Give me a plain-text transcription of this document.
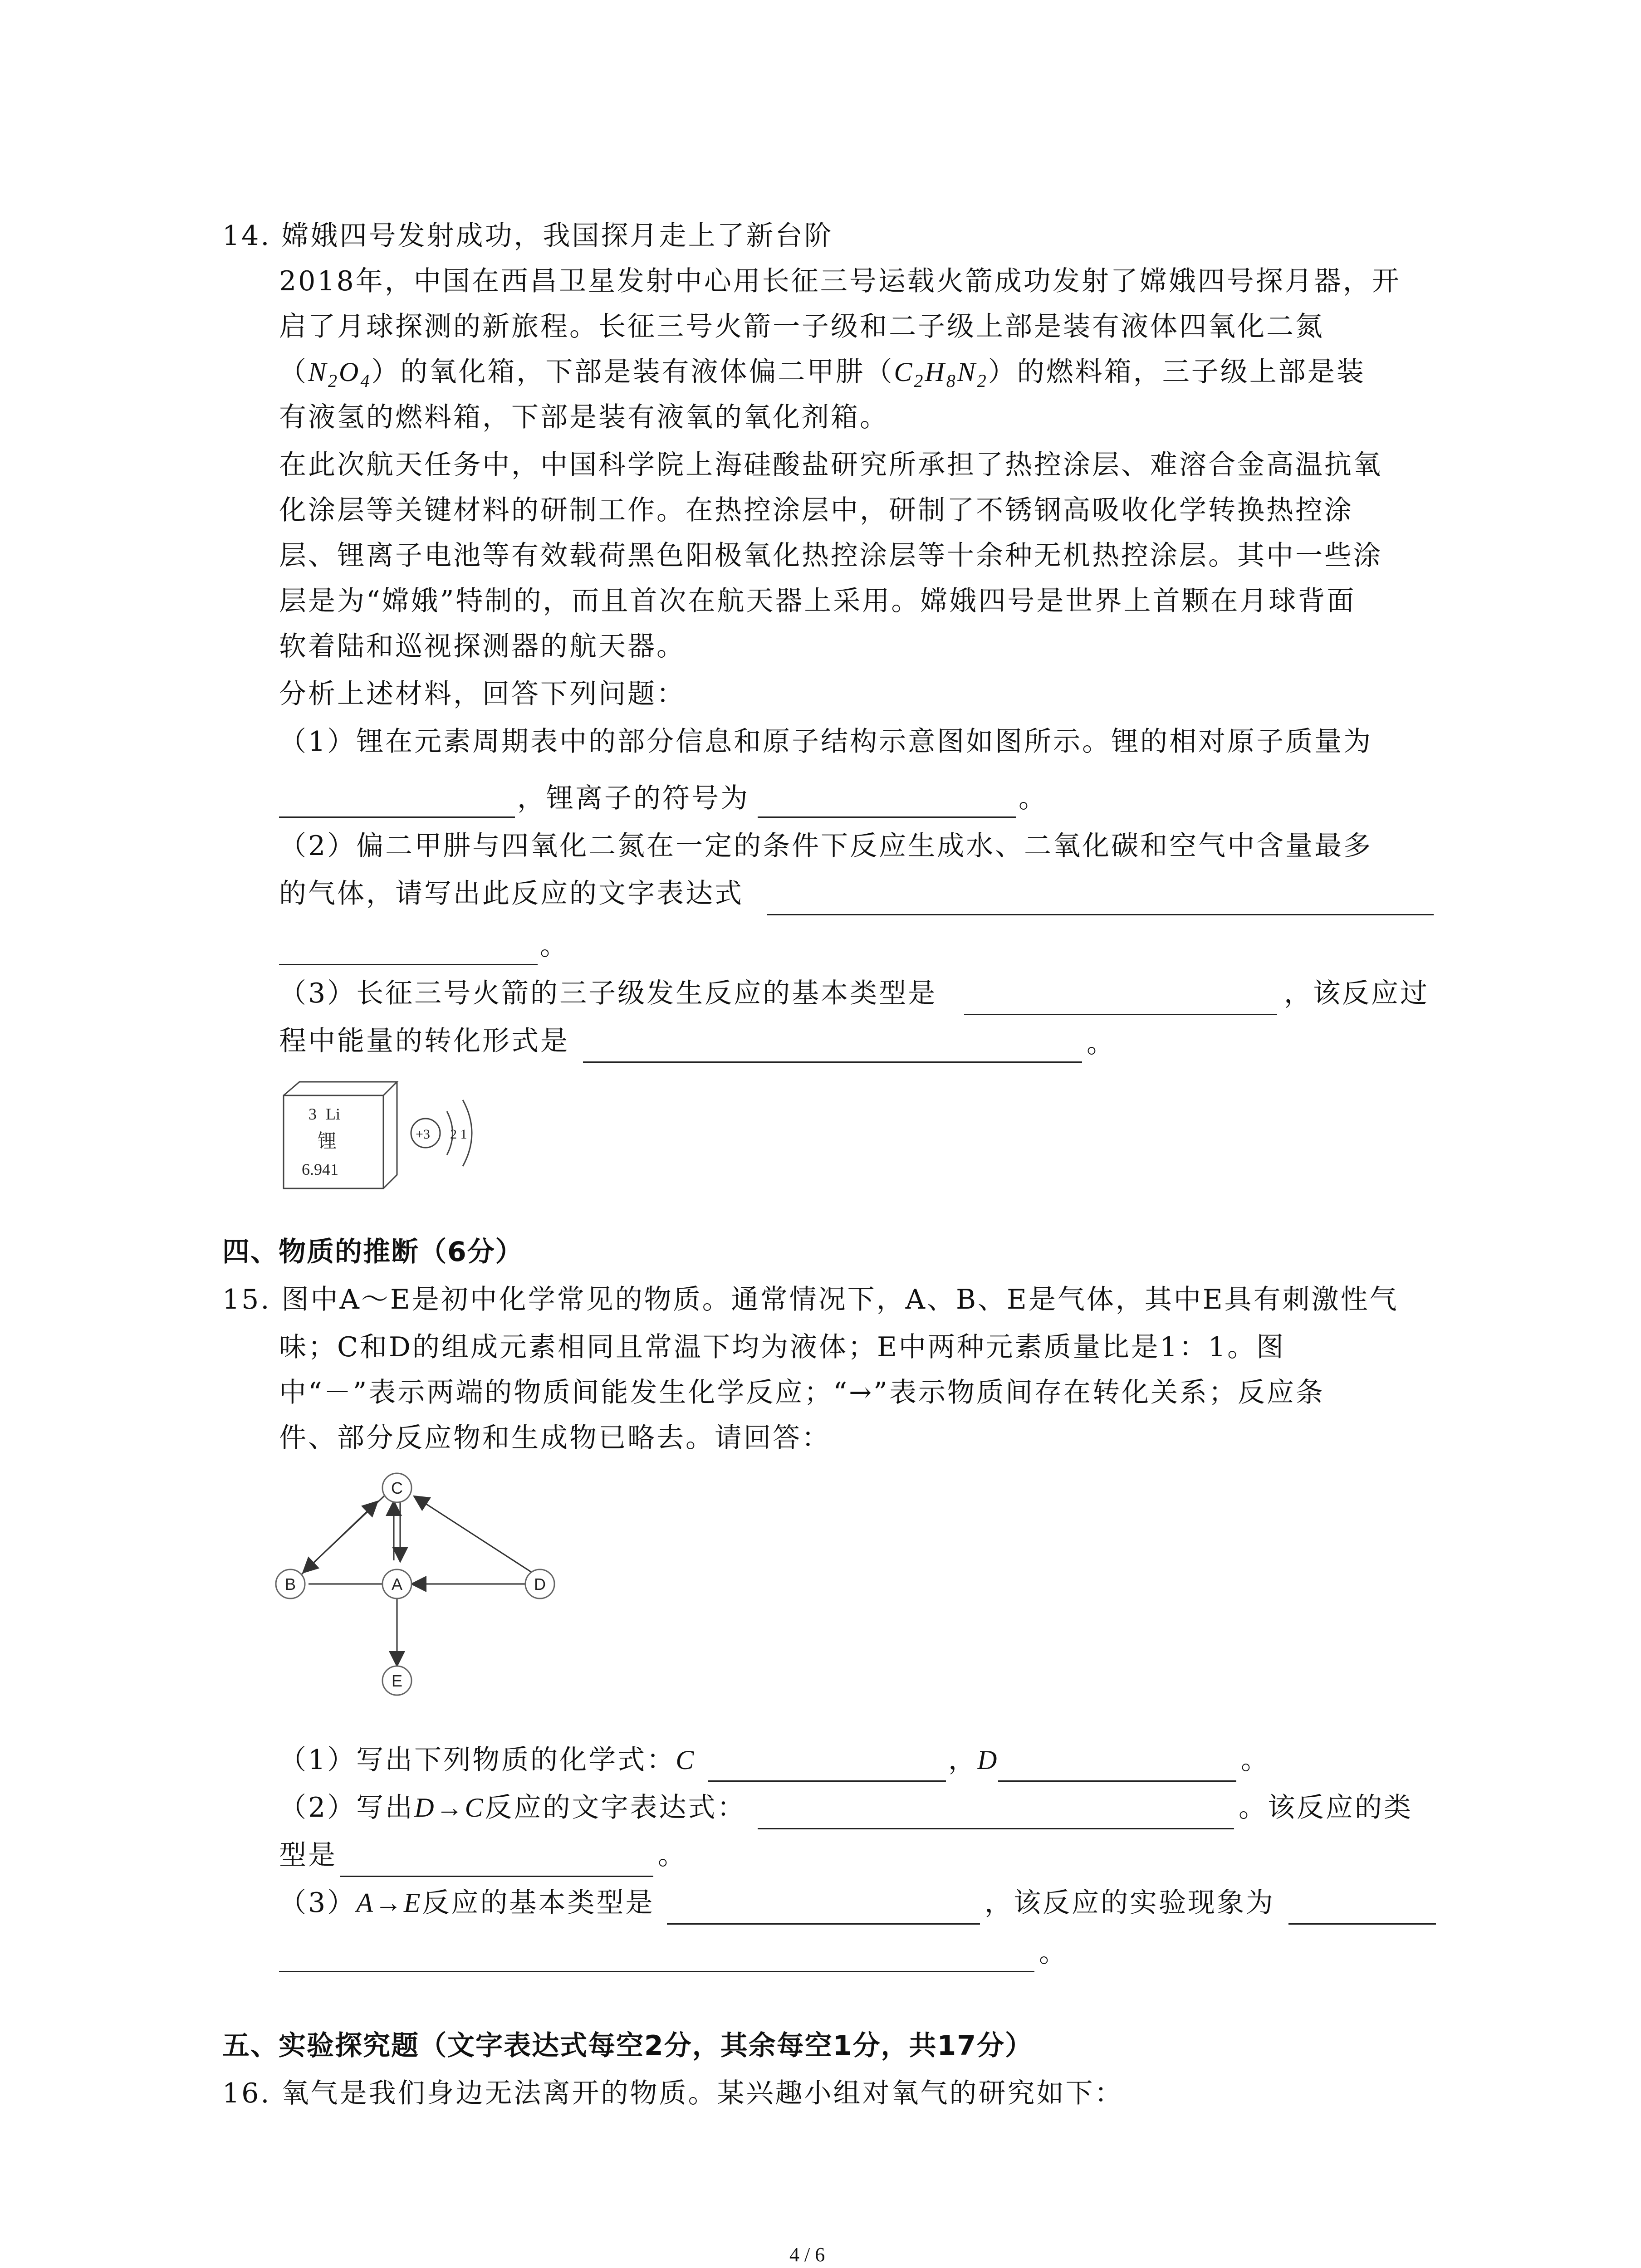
14. 嫦娥四号发射成功，我国探月走上了新台阶
2018年，中国在西昌卫星发射中心用长征三号运载火箭成功发射了嫦娥四号探月器，开
启了月球探测的新旅程。长征三号火箭一子级和二子级上部是装有液体四氧化二氮
$(N_2O_4)$的氧化箱，下部是装有液体偏二甲肼$(C_2H_8N_2)$的燃料箱，三子级上部是装
有液氢的燃料箱，下部是装有液氧的氧化剂箱。
在此次航天任务中，中国科学院上海硅酸盐研究所承担了热控涂层、难溶合金高温抗氧
化涂层等关键材料的研制工作。在热控涂层中，研制了不锈钢高吸收化学转换热控涂
层、锂离子电池等有效载荷黑色阳极氧化热控涂层等十余种无机热控涂层。其中一些涂
层是为“嫦娥”特制的，而且首次在航天器上采用。嫦娥四号是世界上首颗在月球背面
软着陆和巡视探测器的航天器。
分析上述材料，回答下列问题：
（1）锂在元素周期表中的部分信息和原子结构示意图如图所示。锂的相对原子质量为
，锂离子的符号为	。
（2）偏二甲肼与四氧化二氮在一定的条件下反应生成水、二氧化碳和空气中含量最多
的气体，请写出此反应的文字表达式
。
（3）长征三号火箭的三子级发生反应的基本类型是	，该反应过
程中能量的转化形式是	。
3 Li
锂
6.941
+3 2 1
四、物质的推断（6分）
15. 图中A～E是初中化学常见的物质。通常情况下，A、B、E是气体，其中E具有刺激性气
味；C和D的组成元素相同且常温下均为液体；E中两种元素质量比是1：1。图
中“－”表示两端的物质间能发生化学反应；“→”表示物质间存在转化关系；反应条
件、部分反应物和生成物已略去。请回答：
C
B	A	D
E
（1）写出下列物质的化学式：C	，D	。
（2）写出D→C反应的文字表达式：	。该反应的类
型是	。
（3）A→E反应的基本类型是	，该反应的实验现象为
。
五、实验探究题（文字表达式每空2分，其余每空1分，共17分）
16. 氧气是我们身边无法离开的物质。某兴趣小组对氧气的研究如下：
4 / 6
